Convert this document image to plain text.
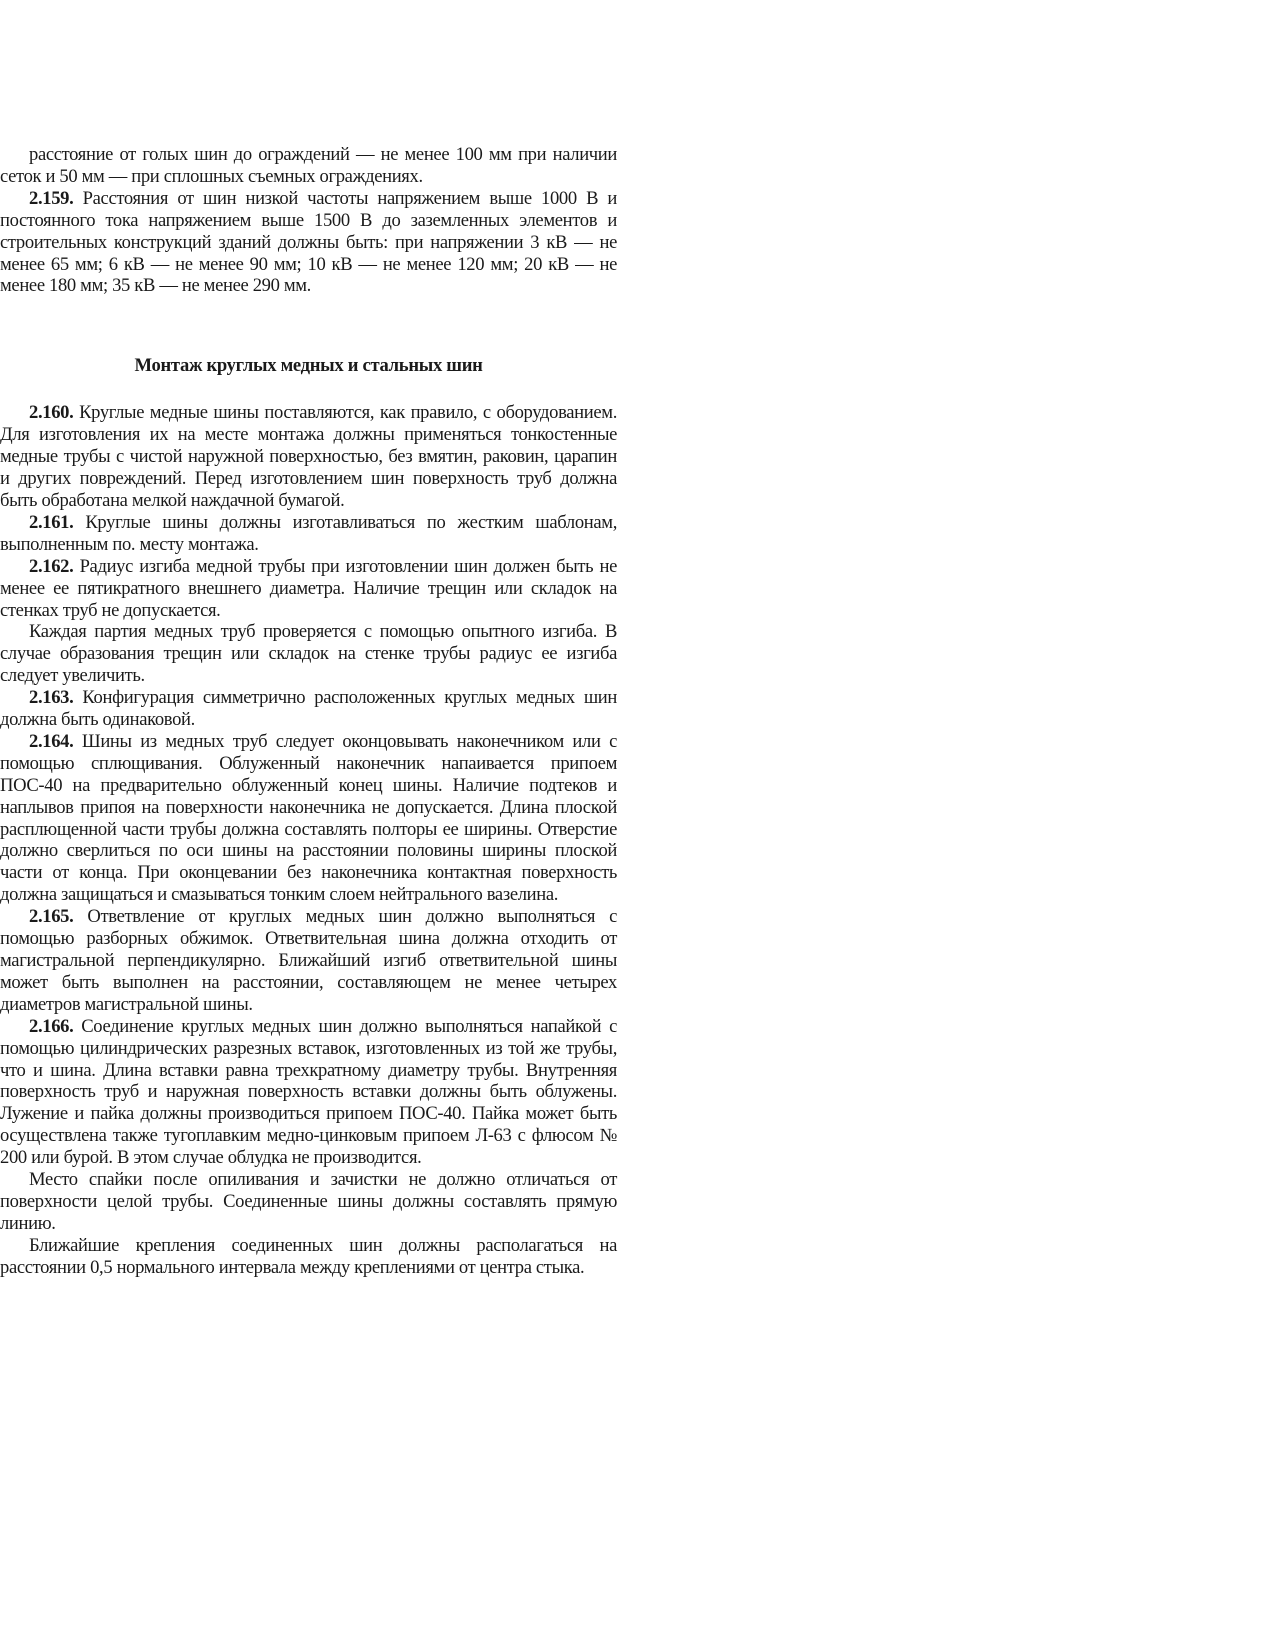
расстояние от голых шин до ограждений — не менее 100 мм при наличии сеток и 50 мм — при сплошных съемных ограждениях.

2.159. Расстояния от шин низкой частоты напряжением выше 1000 В и постоянного тока напряжением выше 1500 В до заземленных элементов и строительных конструкций зданий должны быть: при напряжении 3 кВ — не менее 65 мм; 6 кВ — не менее 90 мм; 10 кВ — не менее 120 мм; 20 кВ — не менее 180 мм; 35 кВ — не менее 290 мм.

Монтаж круглых медных и стальных шин

2.160. Круглые медные шины поставляются, как правило, с оборудованием. Для изготовления их на месте монтажа должны применяться тонкостенные медные трубы с чистой наружной поверхностью, без вмятин, раковин, царапин и других повреждений. Перед изготовлением шин поверхность труб должна быть обработана мелкой наждачной бумагой.

2.161. Круглые шины должны изготавливаться по жестким шаблонам, выполненным по. месту монтажа.

2.162. Радиус изгиба медной трубы при изготовлении шин должен быть не менее ее пятикратного внешнего диаметра. Наличие трещин или складок на стенках труб не допускается.

Каждая партия медных труб проверяется с помощью опытного изгиба. В случае образования трещин или складок на стенке трубы радиус ее изгиба следует увеличить.

2.163. Конфигурация симметрично расположенных круглых медных шин должна быть одинаковой.

2.164. Шины из медных труб следует оконцовывать наконечником или с помощью сплющивания. Облуженный наконечник напаивается припоем ПОС-40 на предварительно облуженный конец шины. Наличие подтеков и наплывов припоя на поверхности наконечника не допускается. Длина плоской расплющенной части трубы должна составлять полторы ее ширины. Отверстие должно сверлиться по оси шины на расстоянии половины ширины плоской части от конца. При оконцевании без наконечника контактная поверхность должна защищаться и смазываться тонким слоем нейтрального вазелина.

2.165. Ответвление от круглых медных шин должно выполняться с помощью разборных обжимок. Ответвительная шина должна отходить от магистральной перпендикулярно. Ближайший изгиб ответвительной шины может быть выполнен на расстоянии, составляющем не менее четырех диаметров магистральной шины.

2.166. Соединение круглых медных шин должно выполняться напайкой с помощью цилиндрических разрезных вставок, изготовленных из той же трубы, что и шина. Длина вставки равна трехкратному диаметру трубы. Внутренняя поверхность труб и наружная поверхность вставки должны быть облужены. Лужение и пайка должны производиться припоем ПОС-40. Пайка может быть осуществлена также тугоплавким медно-цинковым припоем Л-63 с флюсом № 200 или бурой. В этом случае облудка не производится.

Место спайки после опиливания и зачистки не должно отличаться от поверхности целой трубы. Соединенные шины должны составлять прямую линию.

Ближайшие крепления соединенных шин должны располагаться на расстоянии 0,5 нормального интервала между креплениями от центра стыка.
